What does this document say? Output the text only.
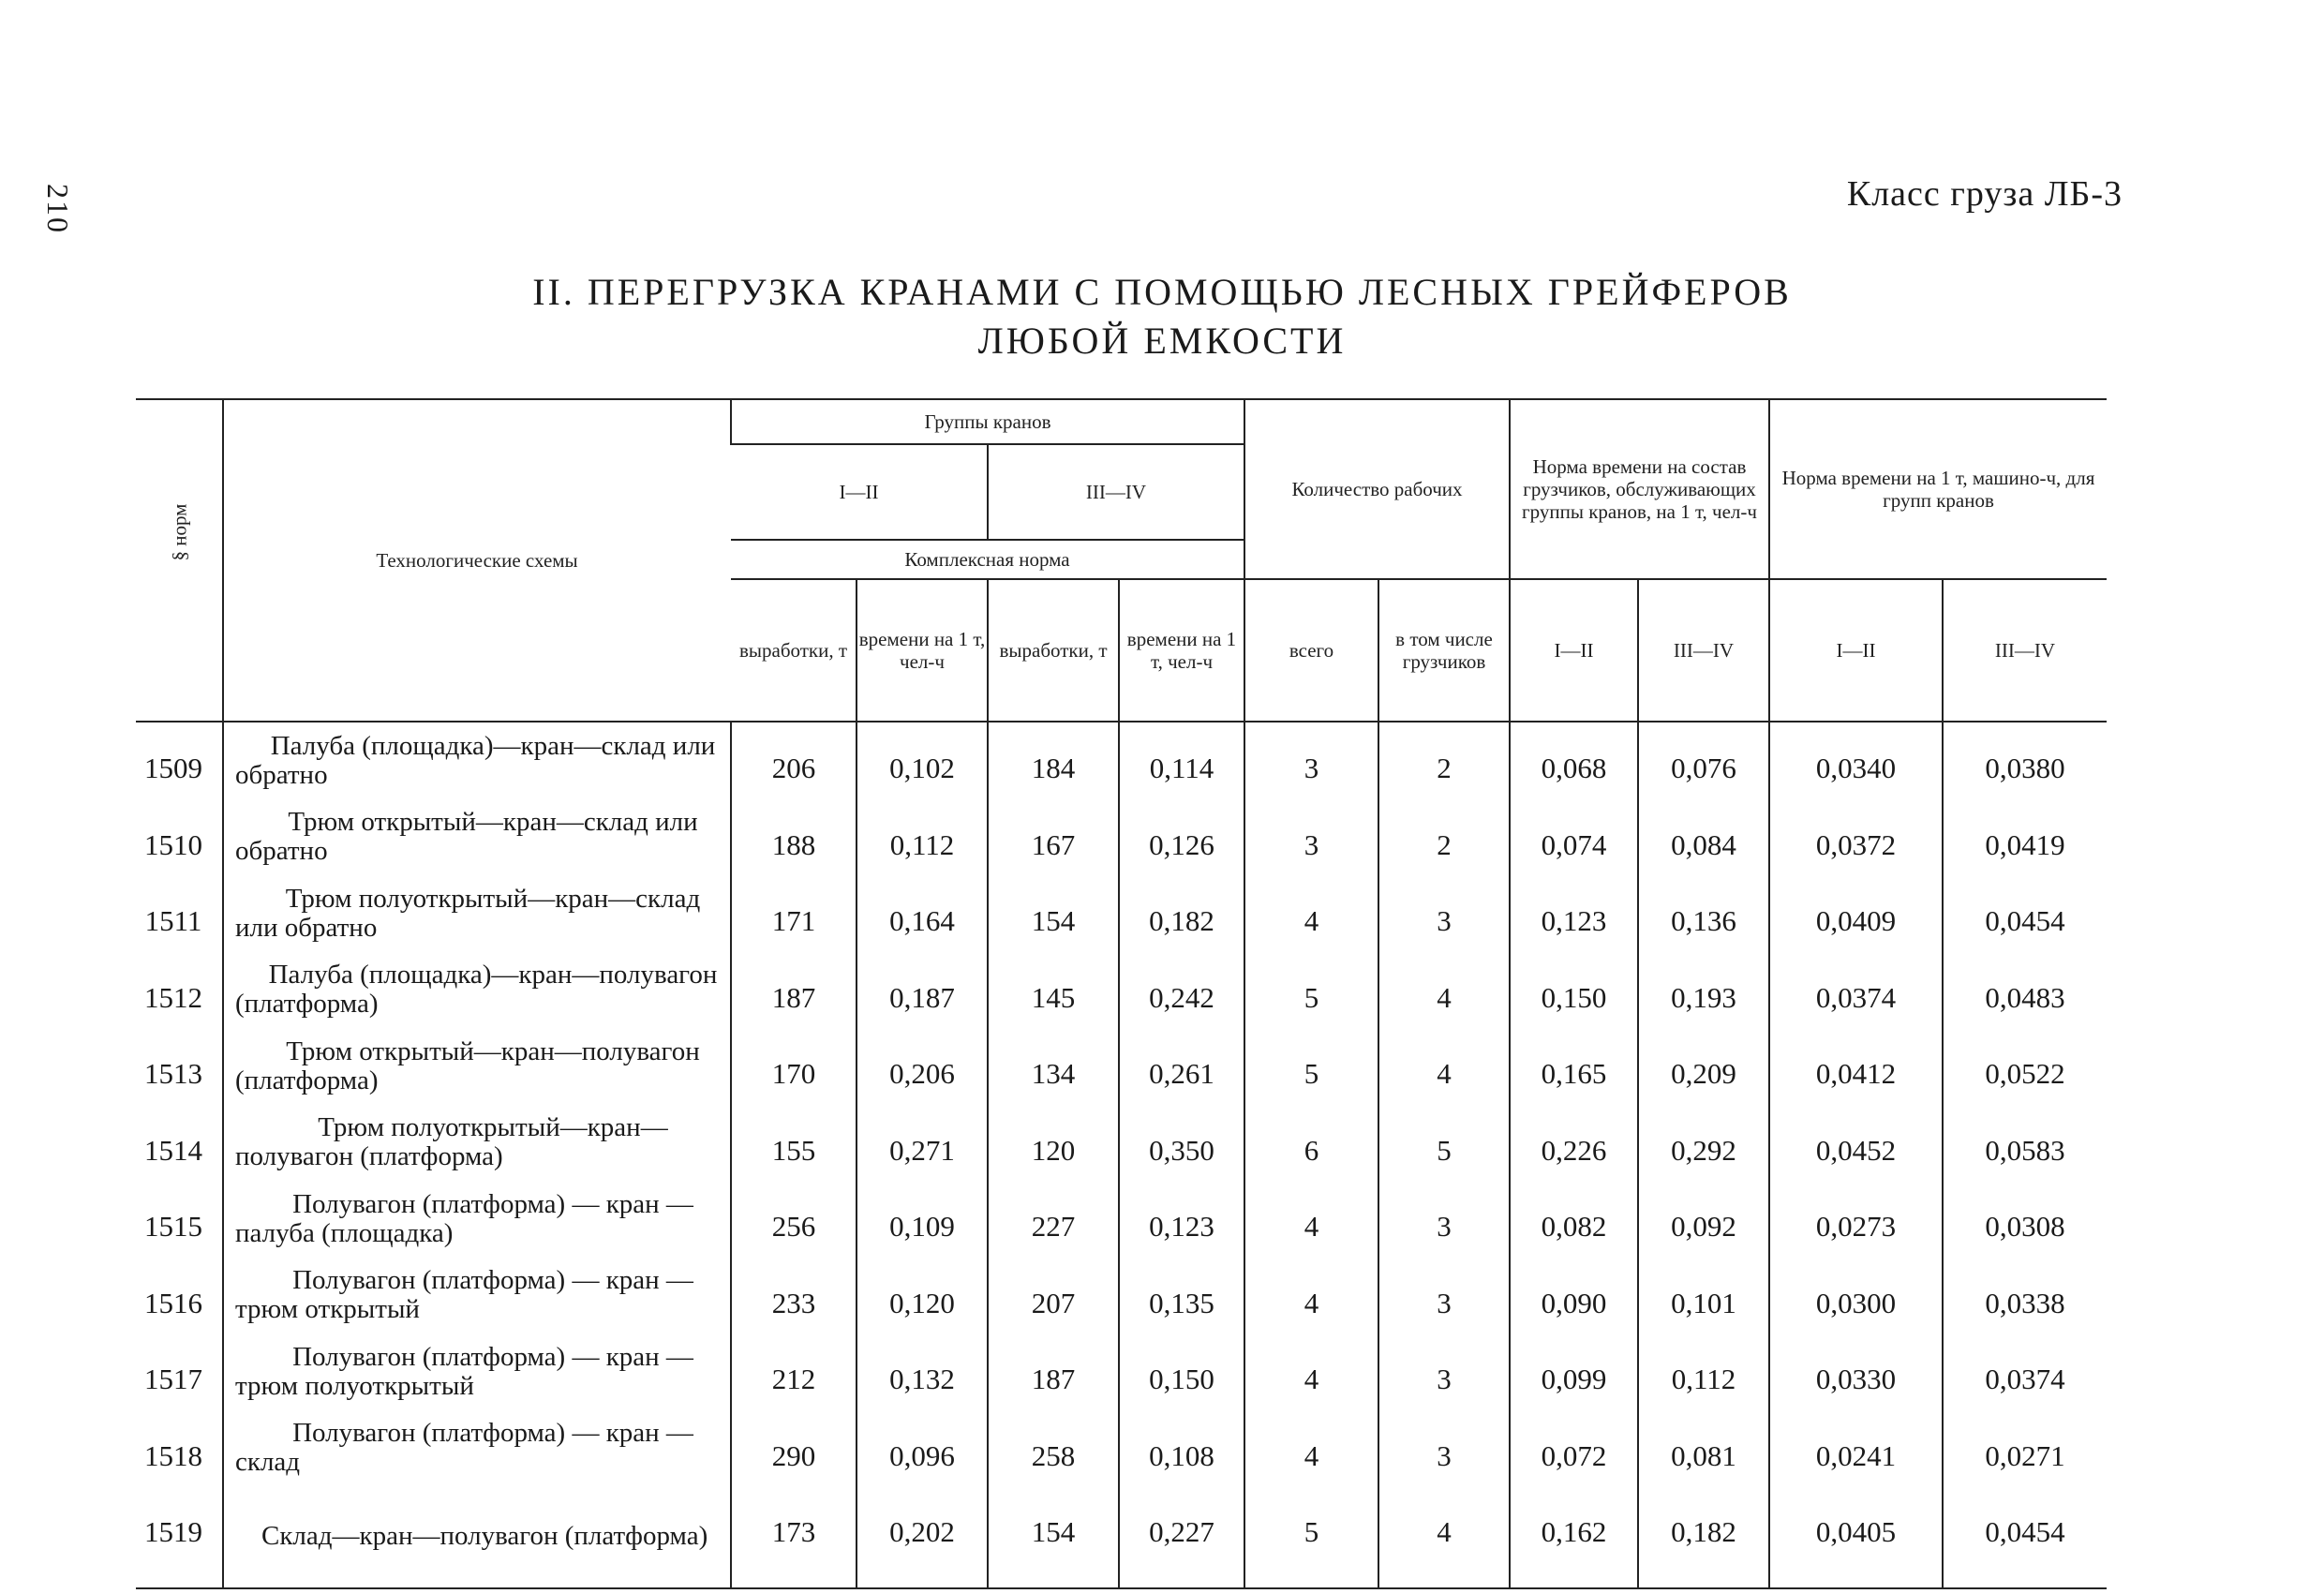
210	Класс груза ЛБ-3
II. ПЕРЕГРУЗКА КРАНАМИ С ПОМОЩЬЮ ЛЕСНЫХ ГРЕЙФЕРОВ
ЛЮБОЙ ЕМКОСТИ
§ норм	Технологические схемы	Группы кранов				Количество рабочих		Норма времени на состав грузчиков, обслуживающих группы кранов, на 1 т, чел-ч		Норма времени на 1 т, машино-ч, для групп кранов	
		I—II		III—IV							
		Комплексная норма									
		выработки, т	времени на 1 т, чел-ч	выработки, т	времени на 1 т, чел-ч	всего	в том числе грузчиков	I—II	III—IV	I—II	III—IV
1509	Палуба (площадка)—кран—склад или обратно	206	0,102	184	0,114	3	2	0,068	0,076	0,0340	0,0380
1510	Трюм открытый—кран—склад или обратно	188	0,112	167	0,126	3	2	0,074	0,084	0,0372	0,0419
1511	Трюм полуоткрытый—кран—склад или обратно	171	0,164	154	0,182	4	3	0,123	0,136	0,0409	0,0454
1512	Палуба (площадка)—кран—полувагон (платформа)	187	0,187	145	0,242	5	4	0,150	0,193	0,0374	0,0483
1513	Трюм открытый—кран—полувагон (платформа)	170	0,206	134	0,261	5	4	0,165	0,209	0,0412	0,0522
1514	Трюм полуоткрытый—кран—полувагон (платформа)	155	0,271	120	0,350	6	5	0,226	0,292	0,0452	0,0583
1515	Полувагон (платформа) — кран — палуба (площадка)	256	0,109	227	0,123	4	3	0,082	0,092	0,0273	0,0308
1516	Полувагон (платформа) — кран — трюм открытый	233	0,120	207	0,135	4	3	0,090	0,101	0,0300	0,0338
1517	Полувагон (платформа) — кран — трюм полуоткрытый	212	0,132	187	0,150	4	3	0,099	0,112	0,0330	0,0374
1518	Полувагон (платформа) — кран — склад	290	0,096	258	0,108	4	3	0,072	0,081	0,0241	0,0271
1519	Склад—кран—полувагон (платформа)	173	0,202	154	0,227	5	4	0,162	0,182	0,0405	0,0454
